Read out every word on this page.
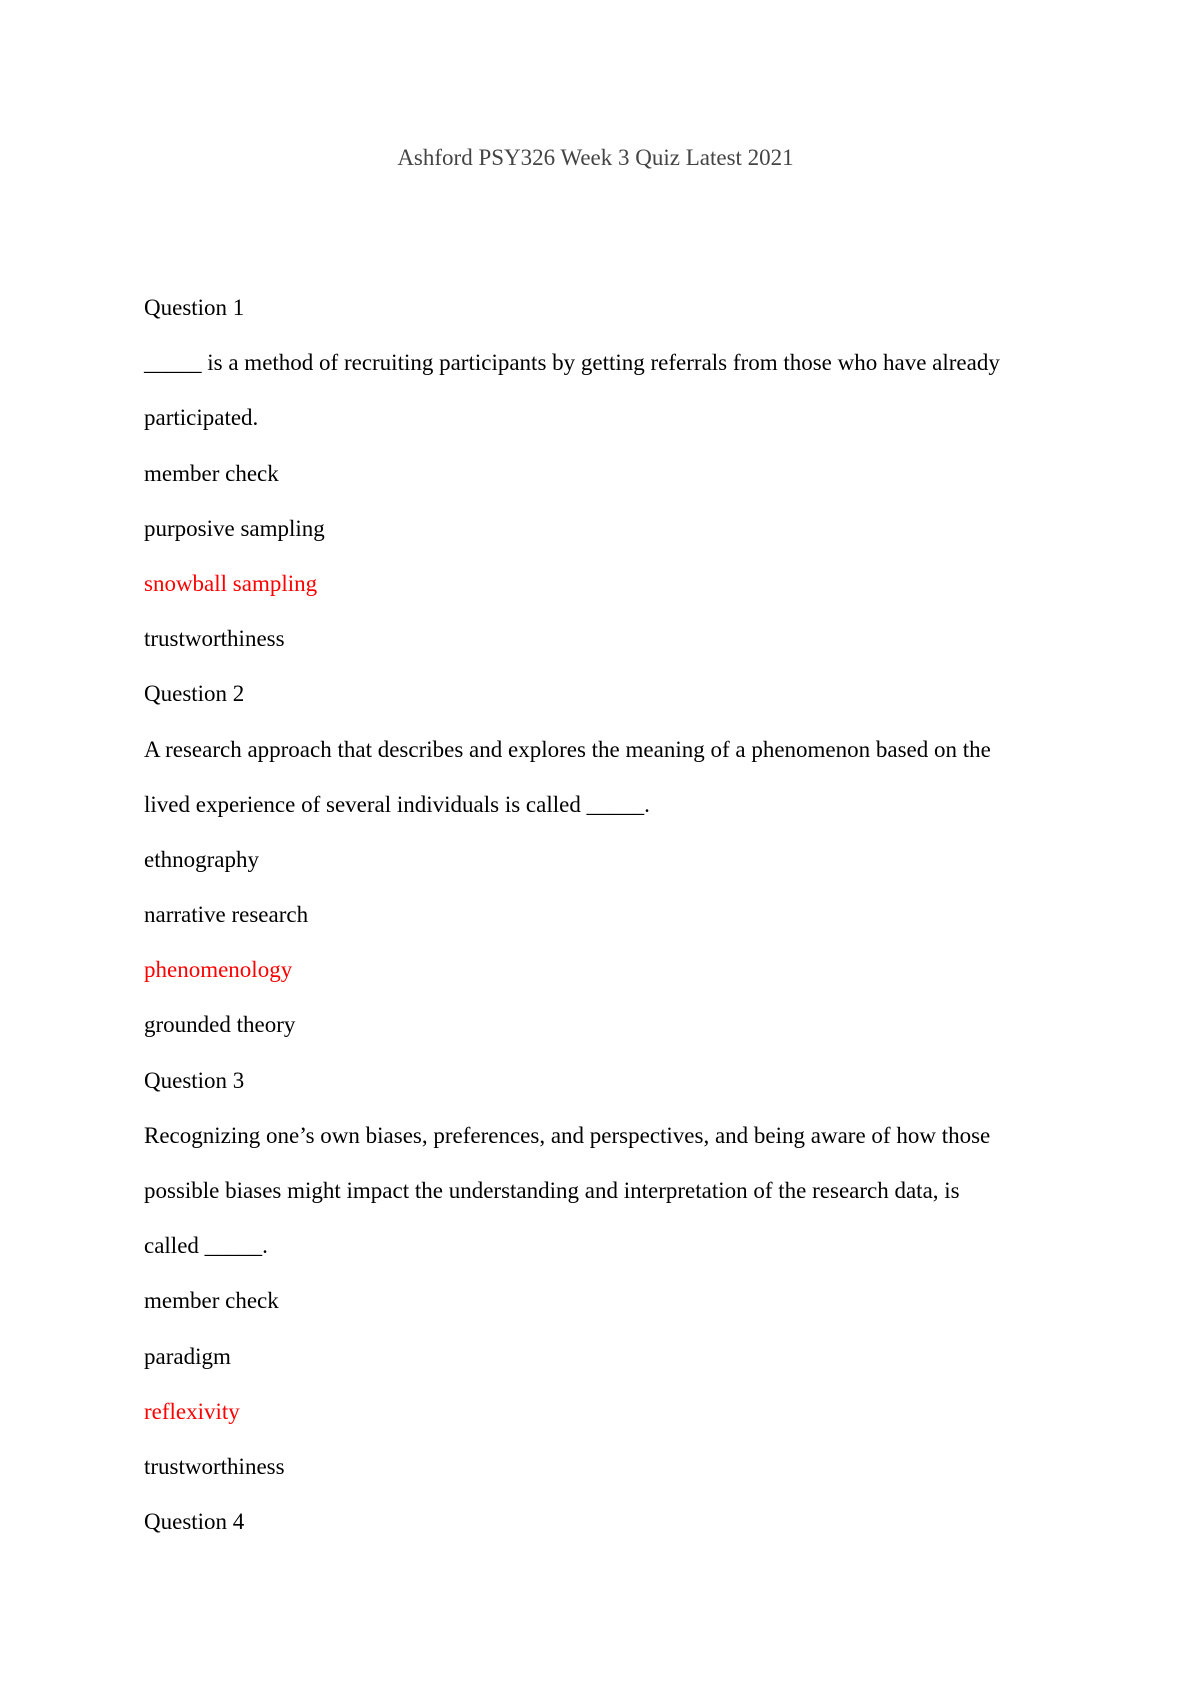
Ashford PSY326 Week 3 Quiz Latest 2021
Question 1
_____ is a method of recruiting participants by getting referrals from those who have already
participated.
member check
purposive sampling
snowball sampling
trustworthiness
Question 2
A research approach that describes and explores the meaning of a phenomenon based on the
lived experience of several individuals is called _____.
ethnography
narrative research
phenomenology
grounded theory
Question 3
Recognizing one’s own biases, preferences, and perspectives, and being aware of how those
possible biases might impact the understanding and interpretation of the research data, is
called _____.
member check
paradigm
reflexivity
trustworthiness
Question 4
